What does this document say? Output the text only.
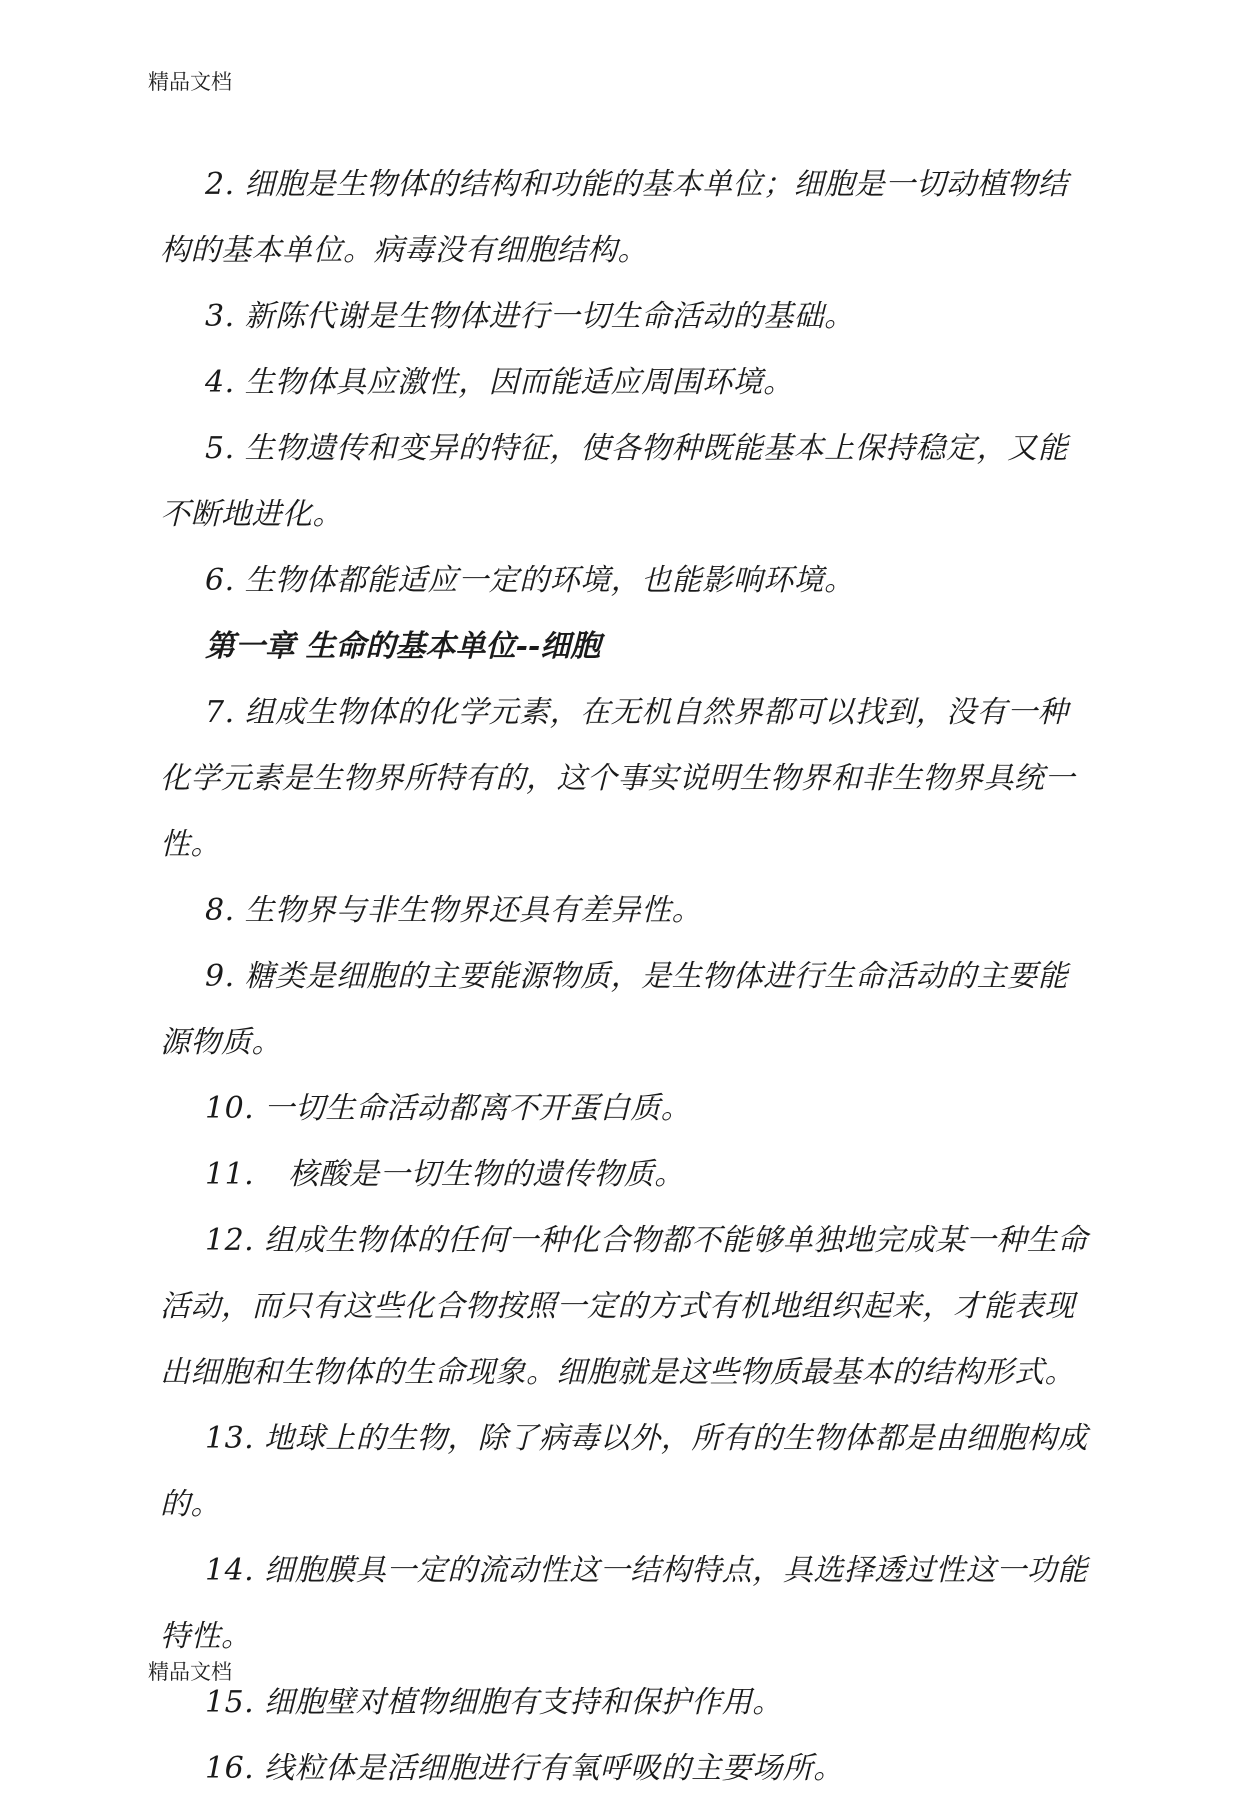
精品文档

2. 细胞是生物体的结构和功能的基本单位；细胞是一切动植物结构的基本单位。病毒没有细胞结构。

3. 新陈代谢是生物体进行一切生命活动的基础。

4. 生物体具应激性，因而能适应周围环境。

5. 生物遗传和变异的特征，使各物种既能基本上保持稳定，又能不断地进化。

6. 生物体都能适应一定的环境，也能影响环境。

第一章 生命的基本单位--细胞

7. 组成生物体的化学元素，在无机自然界都可以找到，没有一种化学元素是生物界所特有的，这个事实说明生物界和非生物界具统一性。

8. 生物界与非生物界还具有差异性。

9. 糖类是细胞的主要能源物质，是生物体进行生命活动的主要能源物质。

10. 一切生命活动都离不开蛋白质。

11. 核酸是一切生物的遗传物质。

12. 组成生物体的任何一种化合物都不能够单独地完成某一种生命活动，而只有这些化合物按照一定的方式有机地组织起来，才能表现出细胞和生物体的生命现象。细胞就是这些物质最基本的结构形式。

13. 地球上的生物，除了病毒以外，所有的生物体都是由细胞构成的。

14. 细胞膜具一定的流动性这一结构特点，具选择透过性这一功能特性。

15. 细胞壁对植物细胞有支持和保护作用。

16. 线粒体是活细胞进行有氧呼吸的主要场所。

精品文档
